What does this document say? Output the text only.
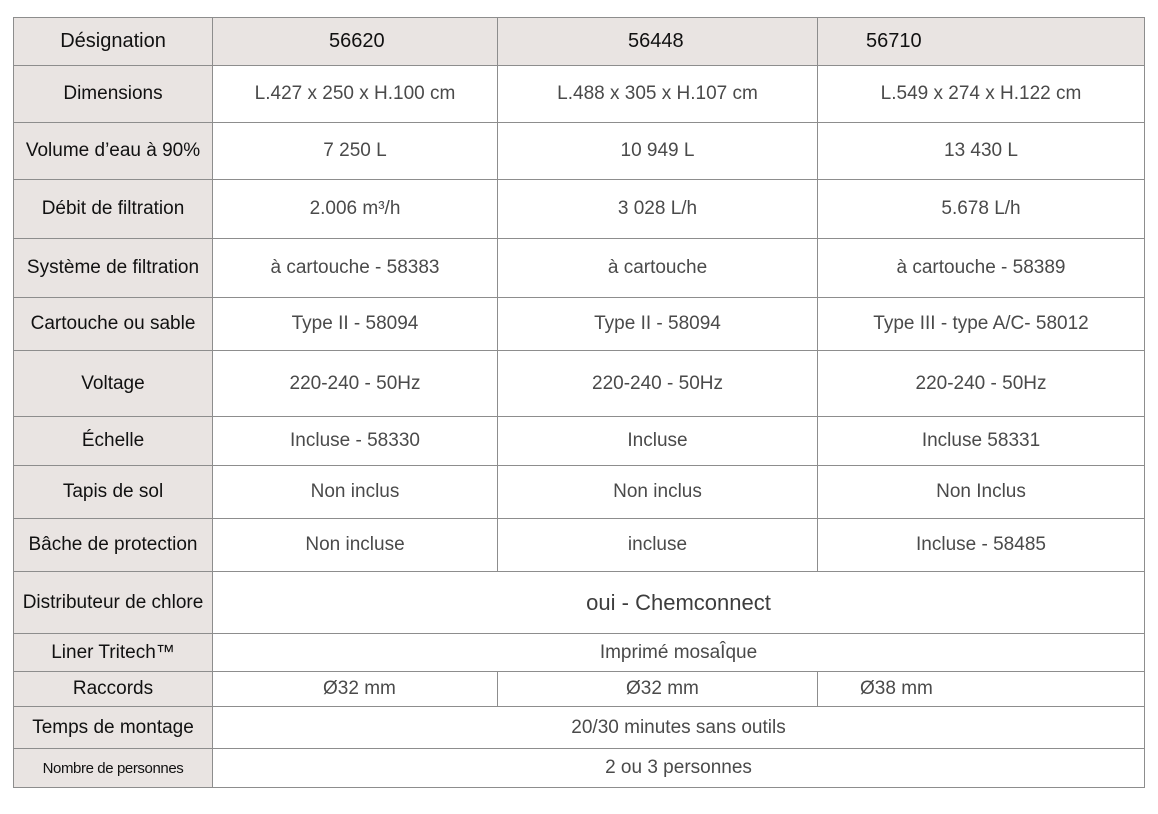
Désignation	56620	56448	56710
Dimensions	L.427 x 250 x H.100 cm	L.488 x 305 x H.107 cm	L.549 x 274 x H.122 cm
Volume d’eau à 90%	7 250 L	10 949 L	13 430 L
Débit de filtration	2.006 m³/h	3 028 L/h	5.678 L/h
Système de filtration	à cartouche - 58383	à cartouche	à cartouche - 58389
Cartouche ou sable	Type II - 58094	Type II - 58094	Type III - type A/C- 58012
Voltage	220-240 - 50Hz	220-240 - 50Hz	220-240 - 50Hz
Échelle	Incluse - 58330	Incluse	Incluse 58331
Tapis de sol	Non inclus	Non inclus	Non Inclus
Bâche de protection	Non incluse	incluse	Incluse - 58485
Distributeur de chlore	oui - Chemconnect		
Liner Tritech™	Imprimé mosaÎque		
Raccords	Ø32 mm	Ø32 mm	Ø38 mm
Temps de montage	20/30 minutes sans outils		
Nombre de personnes	2 ou 3 personnes		
